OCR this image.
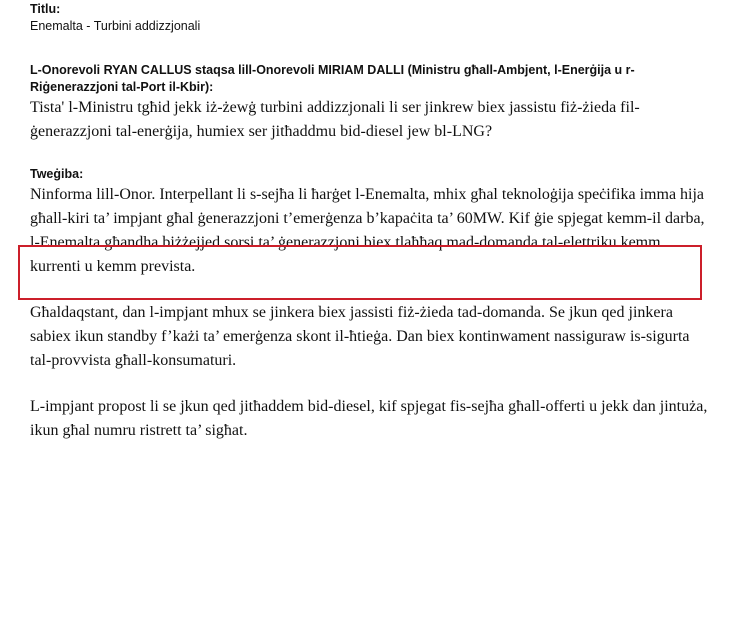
Titlu:

Enemalta - Turbini addizzjonali

L-Onorevoli RYAN CALLUS staqsa lill-Onorevoli MIRIAM DALLI (Ministru għall-Ambjent, l-Enerġija u r-Riġenerazzjoni tal-Port il-Kbir):

Tista' l-Ministru tgħid jekk iż-żewġ turbini addizzjonali li ser jinkrew biex jassistu fiż-żieda fil-ġenerazzjoni tal-enerġija, humiex ser jitħaddmu bid-diesel jew bl-LNG?

Tweġiba:

Ninforma lill-Onor. Interpellant li s-sejħa li ħarġet l-Enemalta, mhix għal teknoloġija speċifika imma hija għall-kiri ta’ impjant għal ġenerazzjoni t’emerġenza b’kapaċita ta’ 60MW. Kif ġie spjegat kemm-il darba, l-Enemalta għandha biżżejjed sorsi ta’ ġenerazzjoni biex tlaħħaq mad-domanda tal-elettriku kemm kurrenti u kemm prevista.

Għaldaqstant, dan l-impjant mhux se jinkera biex jassisti fiż-żieda tad-domanda. Se jkun qed jinkera sabiex ikun standby f’każi ta’ emerġenza skont il-ħtieġa. Dan biex kontinwament nassiguraw is-sigurta tal-provvista għall-konsumaturi.

L-impjant propost li se jkun qed jitħaddem bid-diesel, kif spjegat fis-sejħa għall-offerti u jekk dan jintuża, ikun għal numru ristrett ta’ sigħat.
